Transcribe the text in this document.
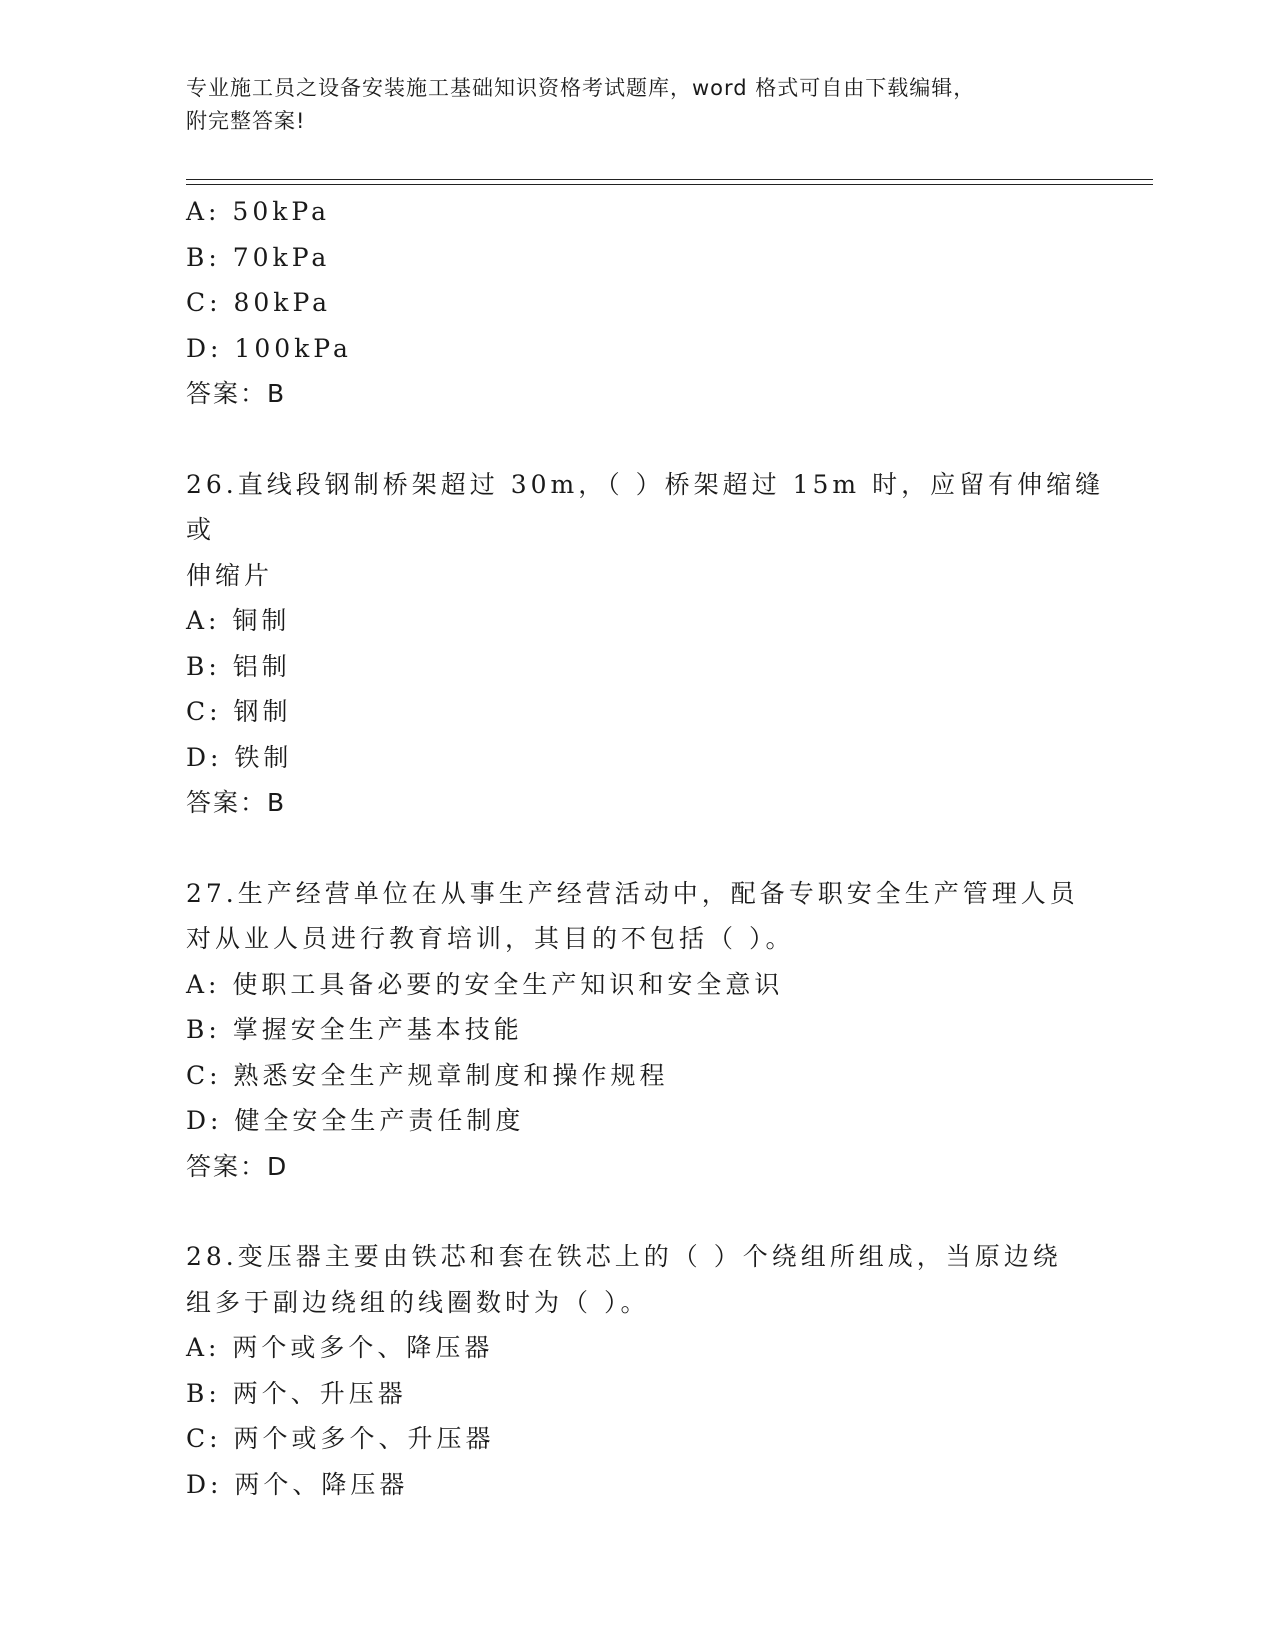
专业施工员之设备安装施工基础知识资格考试题库，word 格式可自由下载编辑，
附完整答案!
A: 50kPa
B: 70kPa
C: 80kPa
D: 100kPa
答案：B
26.直线段钢制桥架超过 30m，（ ）桥架超过 15m 时，应留有伸缩缝或
伸缩片
A: 铜制
B: 铝制
C: 钢制
D: 铁制
答案：B
27.生产经营单位在从事生产经营活动中，配备专职安全生产管理人员
对从业人员进行教育培训，其目的不包括（ ）。
A: 使职工具备必要的安全生产知识和安全意识
B: 掌握安全生产基本技能
C: 熟悉安全生产规章制度和操作规程
D: 健全安全生产责任制度
答案：D
28.变压器主要由铁芯和套在铁芯上的（ ）个绕组所组成，当原边绕
组多于副边绕组的线圈数时为（ ）。
A: 两个或多个、降压器
B: 两个、升压器
C: 两个或多个、升压器
D: 两个、降压器
